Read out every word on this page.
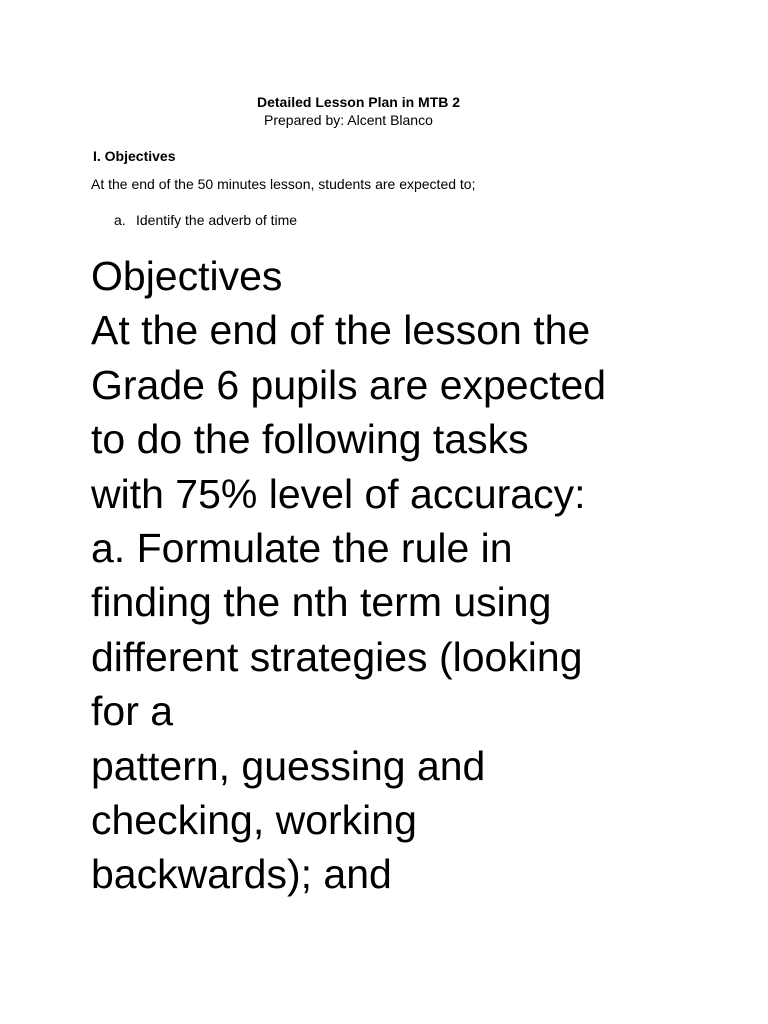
Detailed Lesson Plan in MTB 2
Prepared by: Alcent Blanco
I. Objectives
At the end of the 50 minutes lesson, students are expected to;
a. Identify the adverb of time
Objectives
At the end of the lesson the
Grade 6 pupils are expected
to do the following tasks
with 75% level of accuracy:
a. Formulate the rule in
finding the nth term using
different strategies (looking
for a
pattern, guessing and
checking, working
backwards); and
